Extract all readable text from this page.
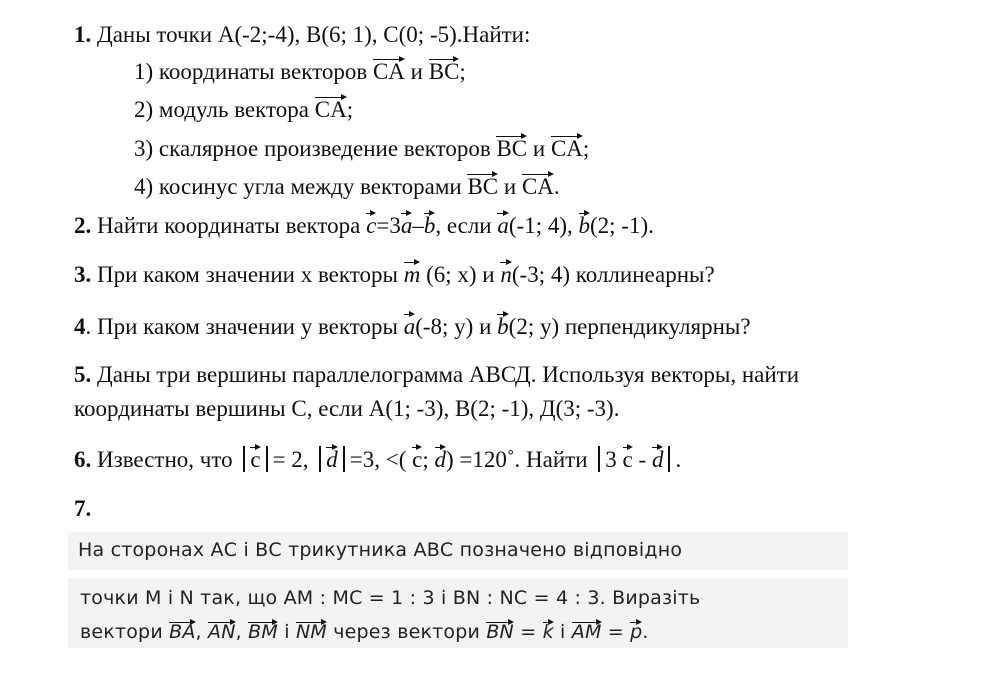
1. Даны точки А(-2;-4), В(6; 1), С(0; -5).Найти:
1) координаты векторов CA и BC;
2) модуль вектора CA;
3) скалярное произведение векторов BC и CA;
4) косинус угла между векторами BC и CA.
2. Найти координаты вектора c=3a–b, если a(-1; 4), b(2; -1).
3. При каком значении х векторы m (6; х) и n(-3; 4) коллинеарны?
4. При каком значении у векторы a(-8; у) и b(2; у) перпендикулярны?
5. Даны три вершины параллелограмма АВСД. Используя векторы, найти
координаты вершины С, если А(1; -3), В(2; -1), Д(3; -3).
6. Известно, что c = 2, d =3, <( c; d) =120˚. Найти 3 c - d .
7.
На сторонах АС і ВС трикутника АВС позначено відповідно
точки M і N так, що AM : MC = 1 : 3 і BN : NC = 4 : 3. Виразіть
вектори BA, AN, BM і NM через вектори BN = k і AM = p.
